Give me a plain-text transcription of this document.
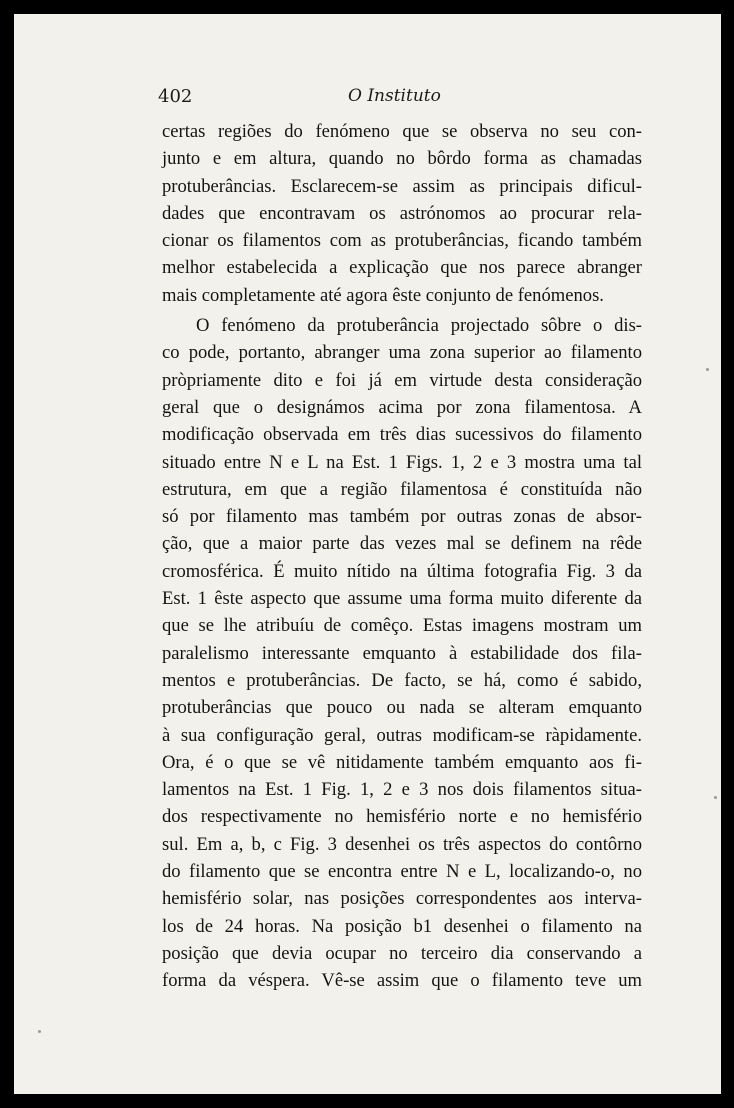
402	O Instituto
certas regiões do fenómeno que se observa no seu con-
junto e em altura, quando no bôrdo forma as chamadas
protuberâncias. Esclarecem-se assim as principais dificul-
dades que encontravam os astrónomos ao procurar rela-
cionar os filamentos com as protuberâncias, ficando também
melhor estabelecida a explicação que nos parece abranger
mais completamente até agora êste conjunto de fenómenos.
O fenómeno da protuberância projectado sôbre o dis-
co pode, portanto, abranger uma zona superior ao filamento
pròpriamente dito e foi já em virtude desta consideração
geral que o designámos acima por zona filamentosa. A
modificação observada em três dias sucessivos do filamento
situado entre N e L na Est. 1 Figs. 1, 2 e 3 mostra uma tal
estrutura, em que a região filamentosa é constituída não
só por filamento mas também por outras zonas de absor-
ção, que a maior parte das vezes mal se definem na rêde
cromosférica. É muito nítido na última fotografia Fig. 3 da
Est. 1 êste aspecto que assume uma forma muito diferente da
que se lhe atribuíu de comêço. Estas imagens mostram um
paralelismo interessante emquanto à estabilidade dos fila-
mentos e protuberâncias. De facto, se há, como é sabido,
protuberâncias que pouco ou nada se alteram emquanto
à sua configuração geral, outras modificam-se ràpidamente.
Ora, é o que se vê nitidamente também emquanto aos fi-
lamentos na Est. 1 Fig. 1, 2 e 3 nos dois filamentos situa-
dos respectivamente no hemisfério norte e no hemisfério
sul. Em a, b, c Fig. 3 desenhei os três aspectos do contôrno
do filamento que se encontra entre N e L, localizando-o, no
hemisfério solar, nas posições correspondentes aos interva-
los de 24 horas. Na posição b1 desenhei o filamento na
posição que devia ocupar no terceiro dia conservando a
forma da véspera. Vê-se assim que o filamento teve um
